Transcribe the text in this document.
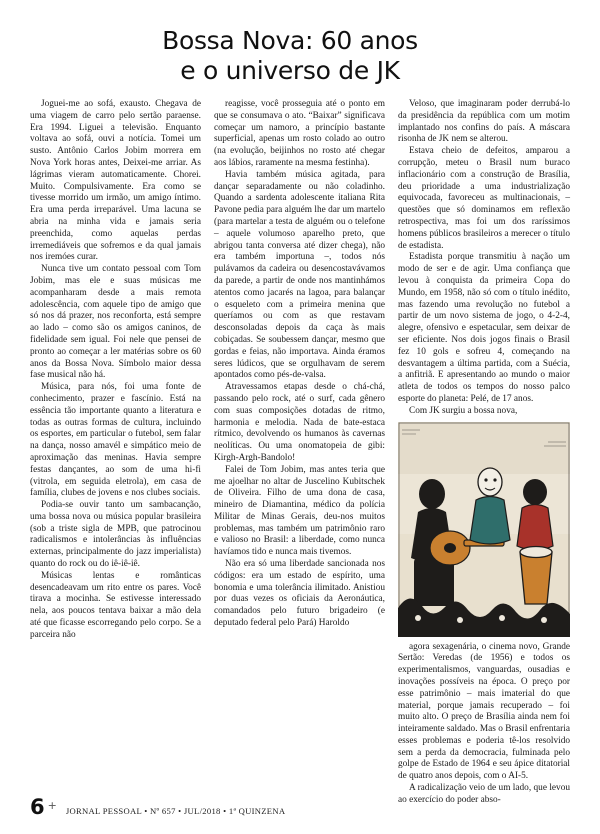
Bossa Nova: 60 anos
e o universo de JK

Joguei-me ao sofá, exausto. Chegava de uma viagem de carro pelo sertão paraense. Era 1994. Liguei a televisão. Enquanto voltava ao sofá, ouvi a notícia. Tomei um susto. Antônio Carlos Jobim morrera em Nova York horas antes, Deixei-me arriar. As lágrimas vieram automaticamente. Chorei. Muito. Compulsivamente. Era como se tivesse morrido um irmão, um amigo íntimo. Era uma perda irreparável. Uma lacuna se abria na minha vida e jamais seria preenchida, como aquelas perdas irremediáveis que sofremos e da qual jamais nos iremóes curar.

Nunca tive um contato pessoal com Tom Jobim, mas ele e suas músicas me acompanharam desde a mais remota adolescência, com aquele tipo de amigo que só nos dá prazer, nos reconforta, está sempre ao lado – como são os amigos caninos, de fidelidade sem igual. Foi nele que pensei de pronto ao começar a ler matérias sobre os 60 anos da Bossa Nova. Símbolo maior dessa fase musical não há.

Música, para nós, foi uma fonte de conhecimento, prazer e fascínio. Está na essência tão importante quanto a literatura e todas as outras formas de cultura, incluindo os esportes, em particular o futebol, sem falar na dança, nosso amavél e simpático meio de aproximação das meninas. Havia sempre festas dançantes, ao som de uma hi-fi (vitrola, em seguida eletrola), em casa de família, clubes de jovens e nos clubes sociais.

Podia-se ouvir tanto um sambacanção, uma bossa nova ou música popular brasileira (sob a triste sigla de MPB, que patrocinou radicalismos e intolerâncias às influências externas, principalmente do jazz imperialista) quanto do rock ou do iê-iê-iê.

Músicas lentas e românticas desencadeavam um rito entre os pares. Você tirava a mocinha. Se estivesse interessado nela, aos poucos tentava baixar a mão dela até que ficasse escorregando pelo corpo. Se a parceira não

reagisse, você prosseguia até o ponto em que se consumava o ato. “Baixar” significava começar um namoro, a princípio bastante superficial, apenas um rosto colado ao outro (na evolução, beijinhos no rosto até chegar aos lábios, raramente na mesma festinha).

Havia também música agitada, para dançar separadamente ou não coladinho. Quando a sardenta adolescente italiana Rita Pavone pedia para alguém lhe dar um martelo (para martelar a testa de alguém ou o telefone – aquele volumoso aparelho preto, que abrigou tanta conversa até dizer chega), não era também importuna –, todos nós pulávamos da cadeira ou desencostavávamos da parede, a partir de onde nos mantinhámos atentos como jacarés na lagoa, para balançar o esqueleto com a primeira menina que queríamos ou com as que restavam desconsoladas depois da caça às mais cobiçadas. Se soubessem dançar, mesmo que gordas e feias, não importava. Ainda éramos seres lúdicos, que se orgulhavam de serem apontados como pés-de-valsa.

Atravessamos etapas desde o chá-chá, passando pelo rock, até o surf, cada gênero com suas composições dotadas de ritmo, harmonia e melodia. Nada de bate-estaca rítmico, devolvendo os humanos às cavernas neolíticas. Ou uma onomatopeia de gibi: Kirgh-Argh-Bandolo!

Falei de Tom Jobim, mas antes teria que me ajoelhar no altar de Juscelino Kubitschek de Oliveira. Filho de uma dona de casa, mineiro de Diamantina, médico da polícia Militar de Minas Gerais, deu-nos muitos problemas, mas também um patrimônio raro e valioso no Brasil: a liberdade, como nunca havíamos tido e nunca mais tivemos.

Não era só uma liberdade sancionada nos códigos: era um estado de espírito, uma bonomia e uma tolerância ilimitado. Anistiou por duas vezes os oficiais da Aeronáutica, comandados pelo futuro brigadeiro (e deputado federal pelo Pará) Haroldo

Veloso, que imaginaram poder derrubá-lo da presidência da república com um motim implantado nos confins do país. A máscara risonha de JK nem se alterou.

Estava cheio de defeitos, amparou a corrupção, meteu o Brasil num buraco inflacionário com a construção de Brasília, deu prioridade a uma industrialização equivocada, favoreceu as multinacionais, – questões que só dominamos em reflexão retrospectiva, mas foi um dos raríssimos homens públicos brasileiros a merecer o título de estadista.

Estadista porque transmitiu à nação um modo de ser e de agir. Uma confiança que levou à conquista da primeira Copa do Mundo, em 1958, não só com o título inédito, mas fazendo uma revolução no futebol a partir de um novo sistema de jogo, o 4-2-4, alegre, ofensivo e espetacular, sem deixar de ser eficiente. Nos dois jogos finais o Brasil fez 10 gols e sofreu 4, começando na desvantagem a última partida, com a Suécia, a anfitriã. E apresentando ao mundo o maior atleta de todos os tempos do nosso palco esporte do planeta: Pelé, de 17 anos.

Com JK surgiu a bossa nova,

agora sexagenária, o cinema novo, Grande Sertão: Veredas (de 1956) e todos os experimentalismos, vanguardas, ousadias e inovações possíveis na época. O preço por esse patrimônio – mais imaterial do que material, porque jamais recuperado – foi muito alto. O preço de Brasília ainda nem foi inteiramente saldado. Mas o Brasil enfrentaria esses problemas e poderia tê-los resolvido sem a perda da democracia, fulminada pelo golpe de Estado de 1964 e seu ápice ditatorial de quatro anos depois, com o AI-5.

A radicalização veio de um lado, que levou ao exercício do poder abso-

6 + JORNAL PESSOAL • Nº 657 • JUL/2018 • 1ª QUINZENA
